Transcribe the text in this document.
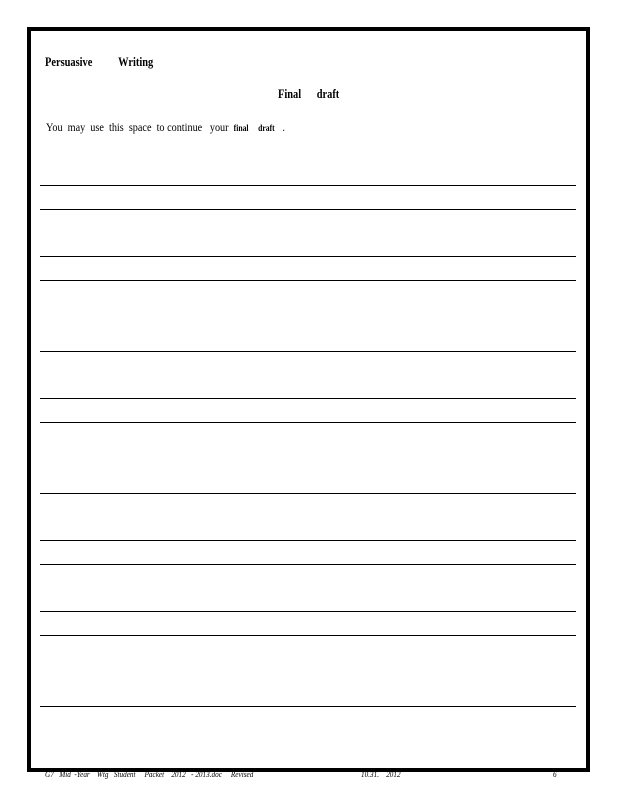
Persuasive          Writing
Final      draft
You  may  use  this  space  to continue   your  final     draft   .
G7   Mid  -Year    Wtg   Student     Packet    2012   - 2013.doc     Revised	10.31.    2012	6
